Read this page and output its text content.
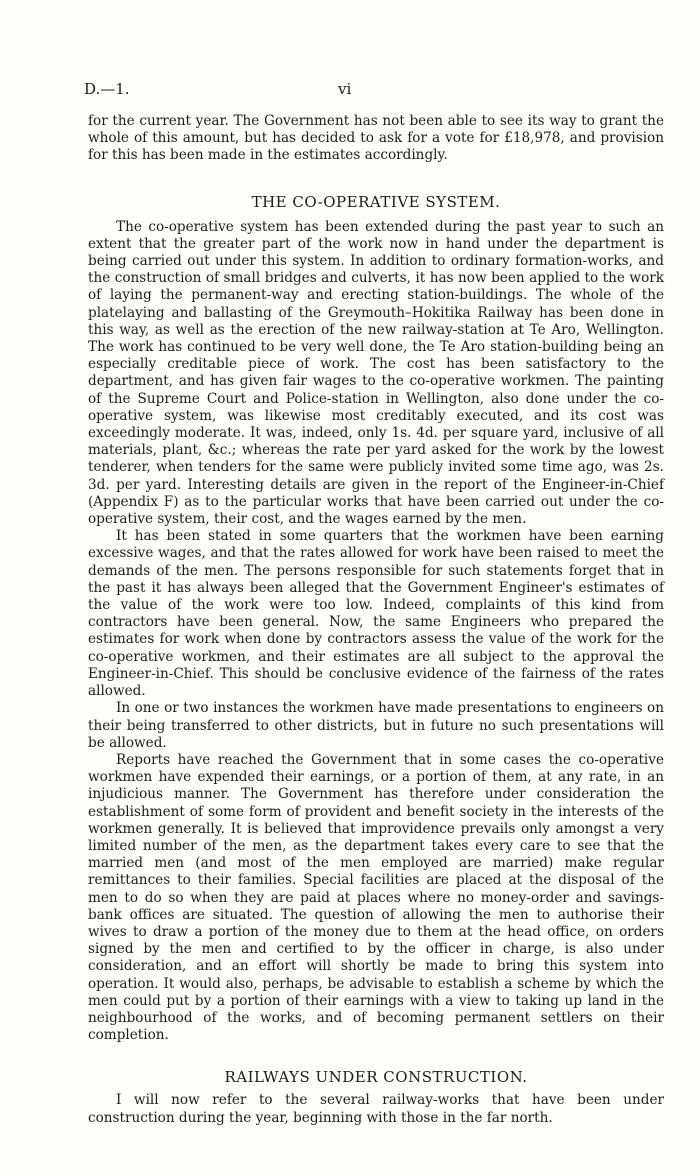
D.—1.	vi

for the current year. The Government has not been able to see its way to grant the whole of this amount, but has decided to ask for a vote for £18,978, and provision for this has been made in the estimates accordingly.

THE CO-OPERATIVE SYSTEM.

The co-operative system has been extended during the past year to such an extent that the greater part of the work now in hand under the department is being carried out under this system. In addition to ordinary formation-works, and the construction of small bridges and culverts, it has now been applied to the work of laying the permanent-way and erecting station-buildings. The whole of the platelaying and ballasting of the Greymouth–Hokitika Railway has been done in this way, as well as the erection of the new railway-station at Te Aro, Wellington. The work has continued to be very well done, the Te Aro station-building being an especially creditable piece of work. The cost has been satisfactory to the department, and has given fair wages to the co-operative workmen. The painting of the Supreme Court and Police-station in Wellington, also done under the co-operative system, was likewise most creditably executed, and its cost was exceedingly moderate. It was, indeed, only 1s. 4d. per square yard, inclusive of all materials, plant, &c.; whereas the rate per yard asked for the work by the lowest tenderer, when tenders for the same were publicly invited some time ago, was 2s. 3d. per yard. Interesting details are given in the report of the Engineer-in-Chief (Appendix F) as to the particular works that have been carried out under the co-operative system, their cost, and the wages earned by the men.

It has been stated in some quarters that the workmen have been earning excessive wages, and that the rates allowed for work have been raised to meet the demands of the men. The persons responsible for such statements forget that in the past it has always been alleged that the Government Engineer's estimates of the value of the work were too low. Indeed, complaints of this kind from contractors have been general. Now, the same Engineers who prepared the estimates for work when done by contractors assess the value of the work for the co-operative workmen, and their estimates are all subject to the approval the Engineer-in-Chief. This should be conclusive evidence of the fairness of the rates allowed.

In one or two instances the workmen have made presentations to engineers on their being transferred to other districts, but in future no such presentations will be allowed.

Reports have reached the Government that in some cases the co-operative workmen have expended their earnings, or a portion of them, at any rate, in an injudicious manner. The Government has therefore under consideration the establishment of some form of provident and benefit society in the interests of the workmen generally. It is believed that improvidence prevails only amongst a very limited number of the men, as the department takes every care to see that the married men (and most of the men employed are married) make regular remittances to their families. Special facilities are placed at the disposal of the men to do so when they are paid at places where no money-order and savings-bank offices are situated. The question of allowing the men to authorise their wives to draw a portion of the money due to them at the head office, on orders signed by the men and certified to by the officer in charge, is also under consideration, and an effort will shortly be made to bring this system into operation. It would also, perhaps, be advisable to establish a scheme by which the men could put by a portion of their earnings with a view to taking up land in the neighbourhood of the works, and of becoming permanent settlers on their completion.

RAILWAYS UNDER CONSTRUCTION.

I will now refer to the several railway-works that have been under construction during the year, beginning with those in the far north.
